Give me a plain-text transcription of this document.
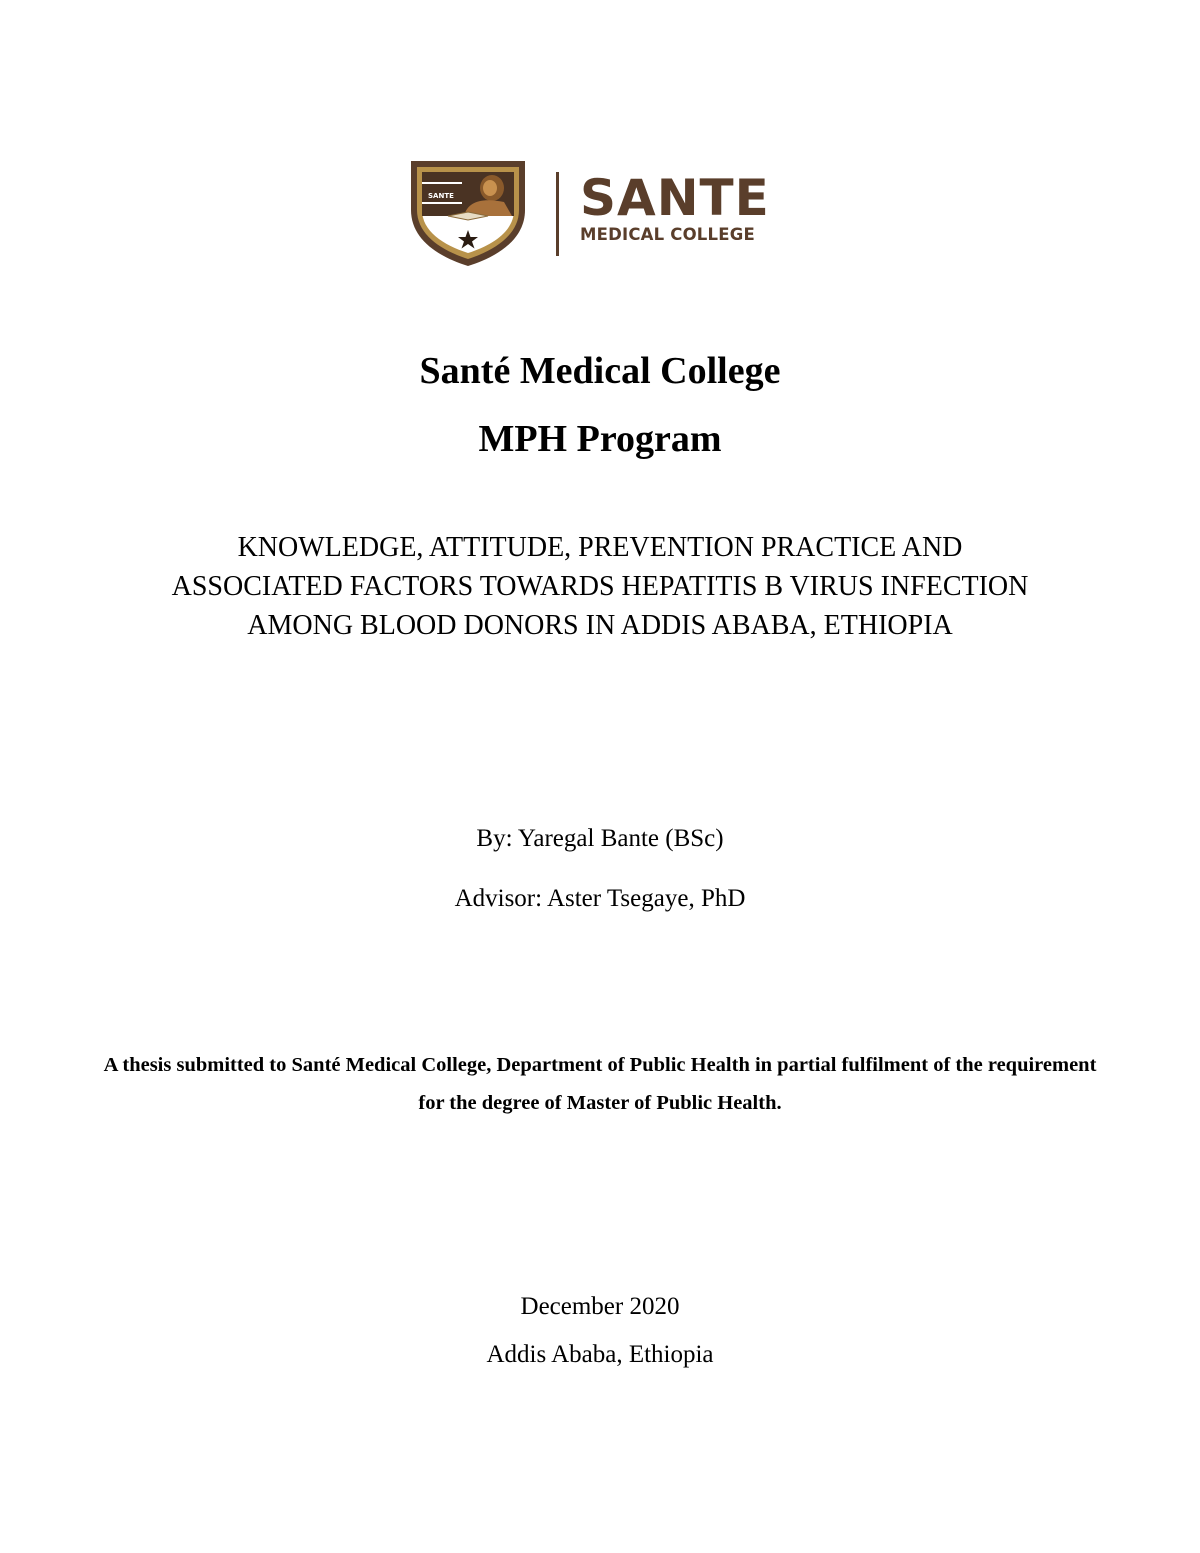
SANTE	SANTE
MEDICAL COLLEGE
Santé Medical College
MPH Program
KNOWLEDGE, ATTITUDE, PREVENTION PRACTICE AND ASSOCIATED FACTORS TOWARDS HEPATITIS B VIRUS INFECTION AMONG BLOOD DONORS IN ADDIS ABABA, ETHIOPIA
By: Yaregal Bante (BSc)
Advisor: Aster Tsegaye, PhD
A thesis submitted to Santé Medical College, Department of Public Health in partial fulfilment of the requirement for the degree of Master of Public Health.
December 2020
Addis Ababa, Ethiopia
